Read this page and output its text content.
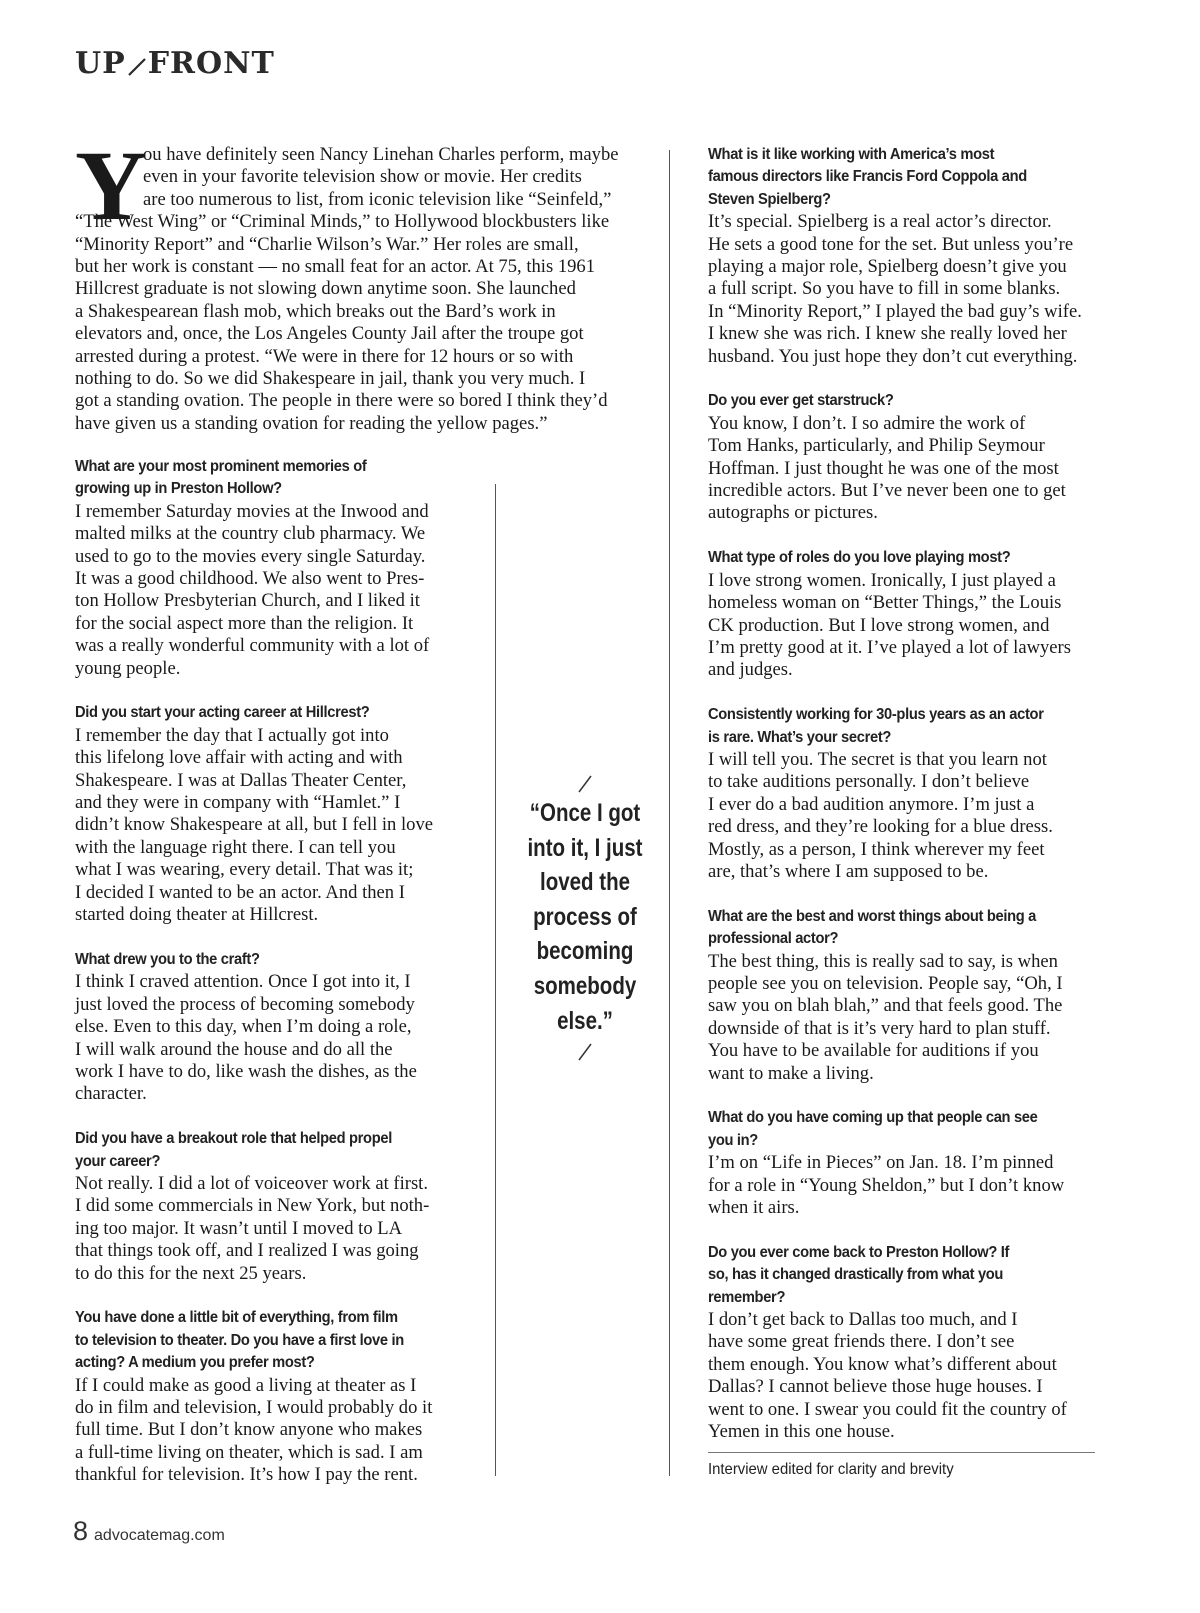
UP FRONT
Y
ou have definitely seen Nancy Linehan Charles perform, maybe
even in your favorite television show or movie. Her credits
are too numerous to list, from iconic television like “Seinfeld,”
“The West Wing” or “Criminal Minds,” to Hollywood blockbusters like
“Minority Report” and “Charlie Wilson’s War.” Her roles are small,
but her work is constant — no small feat for an actor. At 75, this 1961
Hillcrest graduate is not slowing down anytime soon. She launched
a Shakespearean flash mob, which breaks out the Bard’s work in
elevators and, once, the Los Angeles County Jail after the troupe got
arrested during a protest. “We were in there for 12 hours or so with
nothing to do. So we did Shakespeare in jail, thank you very much. I
got a standing ovation. The people in there were so bored I think they’d
have given us a standing ovation for reading the yellow pages.”
What are your most prominent memories of
growing up in Preston Hollow?
I remember Saturday movies at the Inwood and
malted milks at the country club pharmacy. We
used to go to the movies every single Saturday.
It was a good childhood. We also went to Pres-
ton Hollow Presbyterian Church, and I liked it
for the social aspect more than the religion. It
was a really wonderful community with a lot of
young people.
Did you start your acting career at Hillcrest?
I remember the day that I actually got into
this lifelong love affair with acting and with
Shakespeare. I was at Dallas Theater Center,
and they were in company with “Hamlet.” I
didn’t know Shakespeare at all, but I fell in love
with the language right there. I can tell you
what I was wearing, every detail. That was it;
I decided I wanted to be an actor. And then I
started doing theater at Hillcrest.
What drew you to the craft?
I think I craved attention. Once I got into it, I
just loved the process of becoming somebody
else. Even to this day, when I’m doing a role,
I will walk around the house and do all the
work I have to do, like wash the dishes, as the
character.
Did you have a breakout role that helped propel
your career?
Not really. I did a lot of voiceover work at first.
I did some commercials in New York, but noth-
ing too major. It wasn’t until I moved to LA
that things took off, and I realized I was going
to do this for the next 25 years.
You have done a little bit of everything, from film
to television to theater. Do you have a first love in
acting? A medium you prefer most?
If I could make as good a living at theater as I
do in film and television, I would probably do it
full time. But I don’t know anyone who makes
a full-time living on theater, which is sad. I am
thankful for television. It’s how I pay the rent.
What is it like working with America’s most
famous directors like Francis Ford Coppola and
Steven Spielberg?
It’s special. Spielberg is a real actor’s director.
He sets a good tone for the set. But unless you’re
playing a major role, Spielberg doesn’t give you
a full script. So you have to fill in some blanks.
In “Minority Report,” I played the bad guy’s wife.
I knew she was rich. I knew she really loved her
husband. You just hope they don’t cut everything.
Do you ever get starstruck?
You know, I don’t. I so admire the work of
Tom Hanks, particularly, and Philip Seymour
Hoffman. I just thought he was one of the most
incredible actors. But I’ve never been one to get
autographs or pictures.
What type of roles do you love playing most?
I love strong women. Ironically, I just played a
homeless woman on “Better Things,” the Louis
CK production. But I love strong women, and
I’m pretty good at it. I’ve played a lot of lawyers
and judges.
Consistently working for 30-plus years as an actor
is rare. What’s your secret?
I will tell you. The secret is that you learn not
to take auditions personally. I don’t believe
I ever do a bad audition anymore. I’m just a
red dress, and they’re looking for a blue dress.
Mostly, as a person, I think wherever my feet
are, that’s where I am supposed to be.
What are the best and worst things about being a
professional actor?
The best thing, this is really sad to say, is when
people see you on television. People say, “Oh, I
saw you on blah blah,” and that feels good. The
downside of that is it’s very hard to plan stuff.
You have to be available for auditions if you
want to make a living.
What do you have coming up that people can see
you in?
I’m on “Life in Pieces” on Jan. 18. I’m pinned
for a role in “Young Sheldon,” but I don’t know
when it airs.
Do you ever come back to Preston Hollow? If
so, has it changed drastically from what you
remember?
I don’t get back to Dallas too much, and I
have some great friends there. I don’t see
them enough. You know what’s different about
Dallas? I cannot believe those huge houses. I
went to one. I swear you could fit the country of
Yemen in this one house.
“Once I got
into it, I just
loved the
process of
becoming
somebody
else.”
Interview edited for clarity and brevity
8 advocatemag.com
